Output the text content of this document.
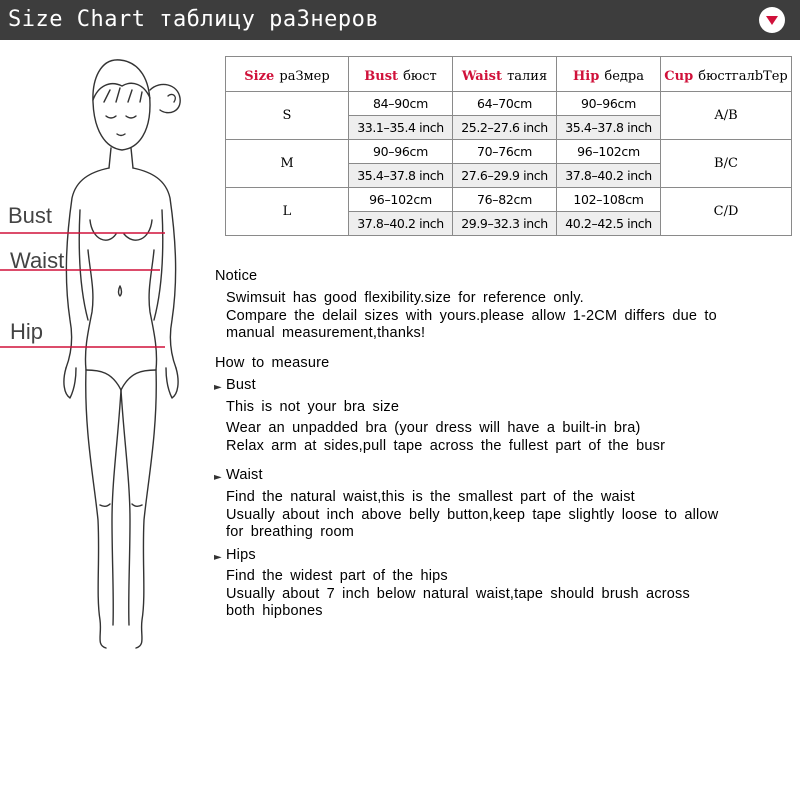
Size Chart таблицу раЗнеров
Bust
Waist
Hip
Size раЗмер	Bust бюст	Waist талия	Hip бедра	Cup бюстгалbТер
S	84–90cm	64–70cm	90–96cm	A/B
	33.1–35.4 inch	25.2–27.6 inch	35.4–37.8 inch	
M	90–96cm	70–76cm	96–102cm	B/C
	35.4–37.8 inch	27.6–29.9 inch	37.8–40.2 inch	
L	96–102cm	76–82cm	102–108cm	C/D
	37.8–40.2 inch	29.9–32.3 inch	40.2–42.5 inch	
Notice
Swimsuit has good flexibility.size for reference only.
Compare the delail sizes with yours.please allow 1-2CM differs due to
manual measurement,thanks!
How to measure
► Bust
This is not your bra size
Wear an unpadded bra (your dress will have a built-in bra)
Relax arm at sides,pull tape across the fullest part of the busr
► Waist
Find the natural waist,this is the smallest part of the waist
Usually about inch above belly button,keep tape slightly loose to allow
for breathing room
► Hips
Find the widest part of the hips
Usually about 7 inch below natural waist,tape should brush across
both hipbones
